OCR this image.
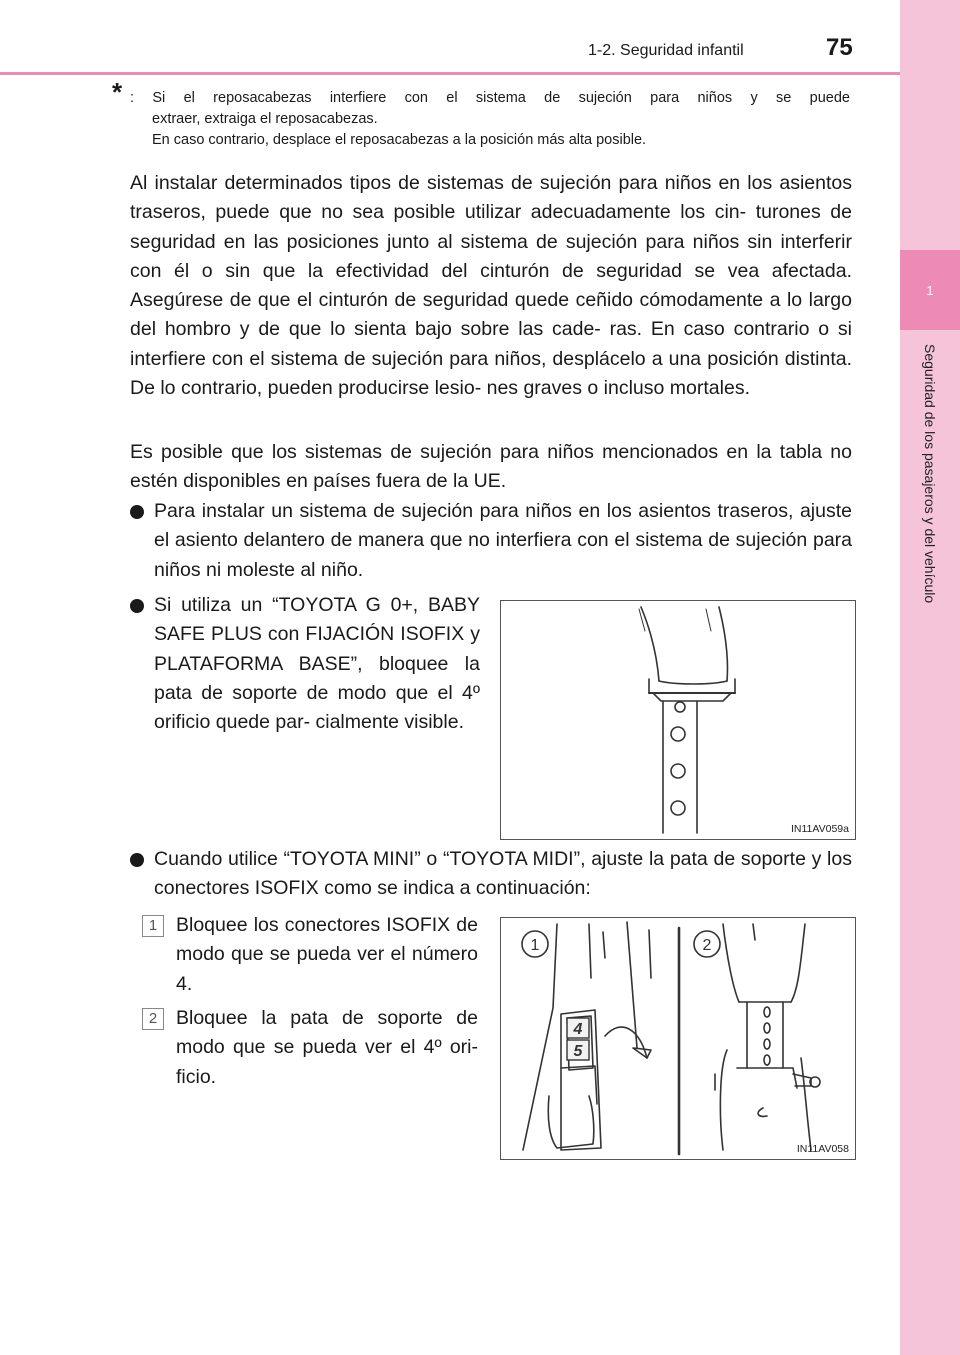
1
Seguridad de los pasajeros y del vehículo
1-2. Seguridad infantil	75
* : Si el reposacabezas interfiere con el sistema de sujeción para niños y se puede
extraer, extraiga el reposacabezas.
En caso contrario, desplace el reposacabezas a la posición más alta posible.
Al instalar determinados tipos de sistemas de sujeción para niños en los asientos traseros, puede que no sea posible utilizar adecuadamente los cin- turones de seguridad en las posiciones junto al sistema de sujeción para niños sin interferir con él o sin que la efectividad del cinturón de seguridad se vea afectada. Asegúrese de que el cinturón de seguridad quede ceñido cómodamente a lo largo del hombro y de que lo sienta bajo sobre las cade- ras. En caso contrario o si interfiere con el sistema de sujeción para niños, desplácelo a una posición distinta. De lo contrario, pueden producirse lesio- nes graves o incluso mortales.
Es posible que los sistemas de sujeción para niños mencionados en la tabla no estén disponibles en países fuera de la UE.
Para instalar un sistema de sujeción para niños en los asientos traseros, ajuste el asiento delantero de manera que no interfiera con el sistema de sujeción para niños ni moleste al niño.
Si utiliza un “TOYOTA G 0+, BABY SAFE PLUS con FIJACIÓN ISOFIX y PLATAFORMA BASE”, bloquee la pata de soporte de modo que el 4º orificio quede par- cialmente visible.
IN11AV059a
Cuando utilice “TOYOTA MINI” o “TOYOTA MIDI”, ajuste la pata de soporte y los conectores ISOFIX como se indica a continuación:
1 Bloquee los conectores ISOFIX de modo que se pueda ver el número 4.
2 Bloquee la pata de soporte de modo que se pueda ver el 4º ori- ficio.
4
5
1	2
IN11AV058
